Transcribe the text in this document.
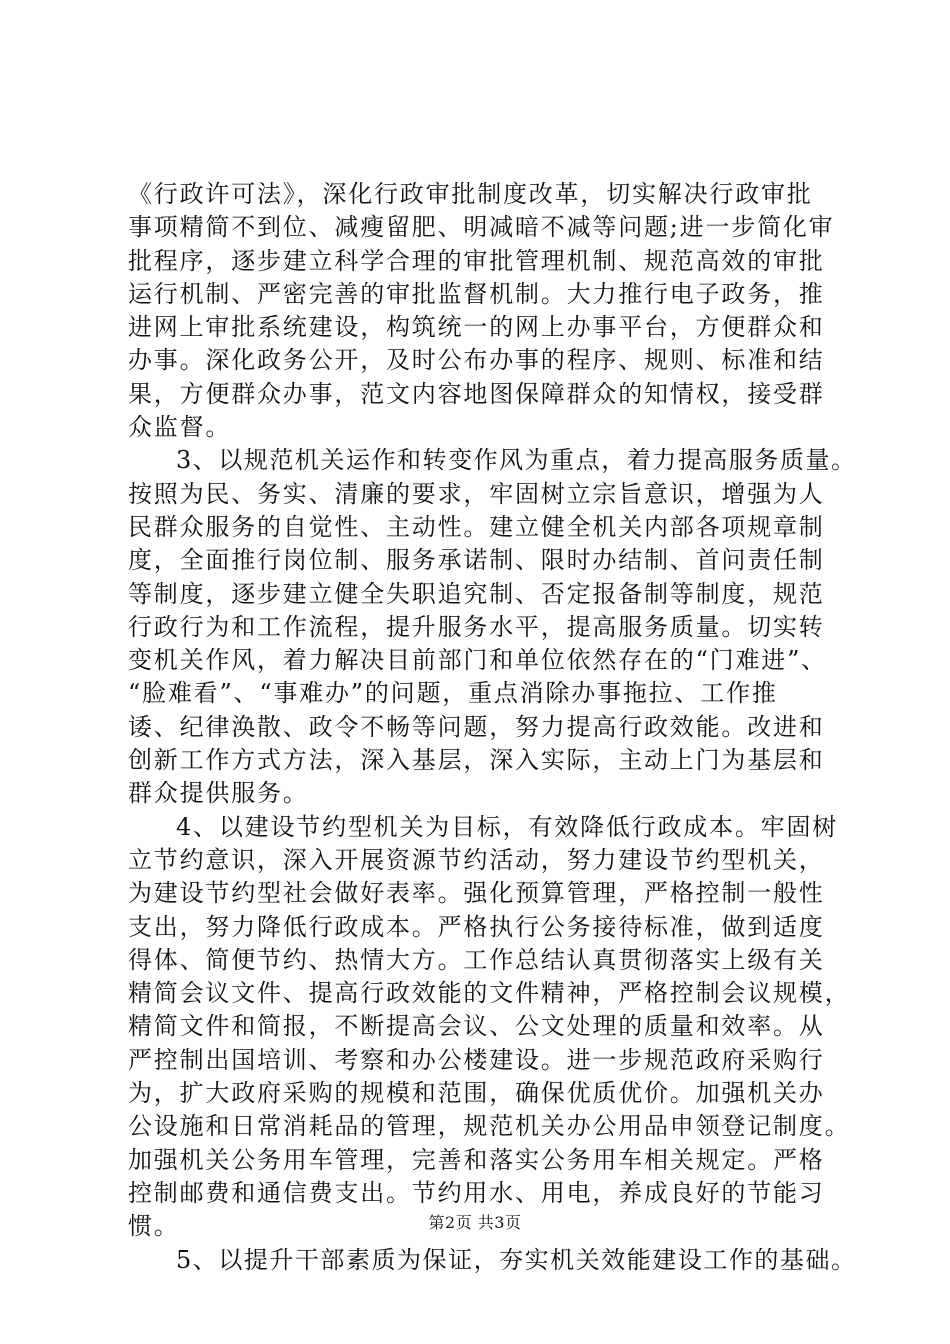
《行政许可法》，深化行政审批制度改革，切实解决行政审批
事项精简不到位、减瘦留肥、明减暗不减等问题;进一步简化审
批程序，逐步建立科学合理的审批管理机制、规范高效的审批
运行机制、严密完善的审批监督机制。大力推行电子政务，推
进网上审批系统建设，构筑统一的网上办事平台，方便群众和
办事。深化政务公开，及时公布办事的程序、规则、标准和结
果，方便群众办事，范文内容地图保障群众的知情权，接受群
众监督。
3、以规范机关运作和转变作风为重点，着力提高服务质量。
按照为民、务实、清廉的要求，牢固树立宗旨意识，增强为人
民群众服务的自觉性、主动性。建立健全机关内部各项规章制
度，全面推行岗位制、服务承诺制、限时办结制、首问责任制
等制度，逐步建立健全失职追究制、否定报备制等制度，规范
行政行为和工作流程，提升服务水平，提高服务质量。切实转
变机关作风，着力解决目前部门和单位依然存在的“门难进”、
“脸难看”、“事难办”的问题，重点消除办事拖拉、工作推
诿、纪律涣散、政令不畅等问题，努力提高行政效能。改进和
创新工作方式方法，深入基层，深入实际，主动上门为基层和
群众提供服务。
4、以建设节约型机关为目标，有效降低行政成本。牢固树
立节约意识，深入开展资源节约活动，努力建设节约型机关，
为建设节约型社会做好表率。强化预算管理，严格控制一般性
支出，努力降低行政成本。严格执行公务接待标准，做到适度
得体、简便节约、热情大方。工作总结认真贯彻落实上级有关
精简会议文件、提高行政效能的文件精神，严格控制会议规模，
精简文件和简报，不断提高会议、公文处理的质量和效率。从
严控制出国培训、考察和办公楼建设。进一步规范政府采购行
为，扩大政府采购的规模和范围，确保优质优价。加强机关办
公设施和日常消耗品的管理，规范机关办公用品申领登记制度。
加强机关公务用车管理，完善和落实公务用车相关规定。严格
控制邮费和通信费支出。节约用水、用电，养成良好的节能习
惯。
5、以提升干部素质为保证，夯实机关效能建设工作的基础。
第2页 共3页
